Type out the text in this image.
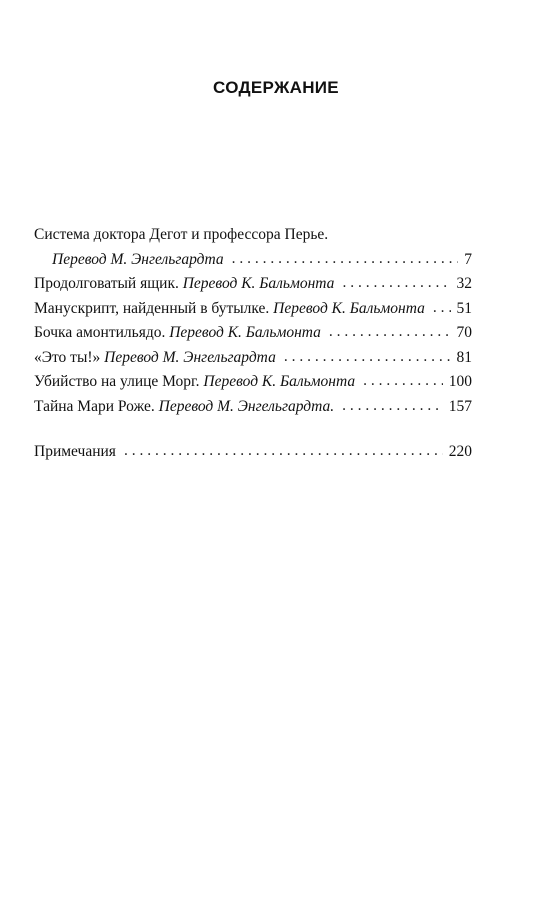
СОДЕРЖАНИЕ
Система доктора Дегот и профессора Перье.
Перевод М. Энгельгардта . . .	7
Продолговатый ящик. Перевод К. Бальмонта . . .	32
Манускрипт, найденный в бутылке. Перевод К. Бальмонта . . . 51
Бочка амонтильядо. Перевод К. Бальмонта . . .	70
«Это ты!» Перевод М. Энгельгардта . . .	81
Убийство на улице Морг. Перевод К. Бальмонта . . .	100
Тайна Мари Роже. Перевод М. Энгельгардта. . . .	157
Примечания . . .	220
